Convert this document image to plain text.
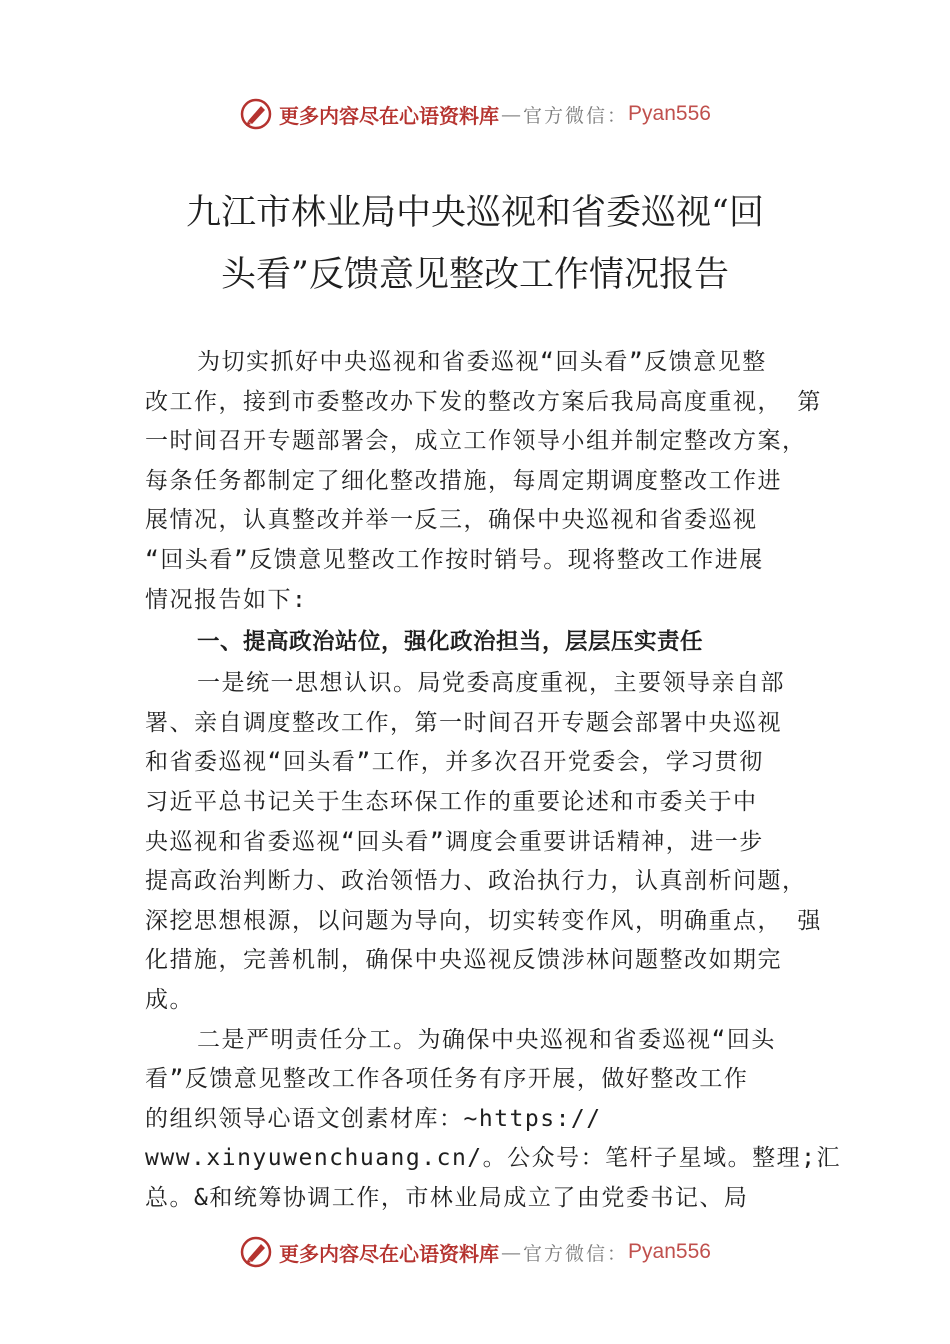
更多内容尽在心语资料库 — 官方微信： Pyan556
九江市林业局中央巡视和省委巡视“回
头看”反馈意见整改工作情况报告
为切实抓好中央巡视和省委巡视“回头看”反馈意见整
改工作，接到市委整改办下发的整改方案后我局高度重视， 第
一时间召开专题部署会，成立工作领导小组并制定整改方案，
每条任务都制定了细化整改措施，每周定期调度整改工作进
展情况，认真整改并举一反三，确保中央巡视和省委巡视
“回头看”反馈意见整改工作按时销号。现将整改工作进展
情况报告如下:
一、提高政治站位，强化政治担当，层层压实责任
一是统一思想认识。局党委高度重视，主要领导亲自部
署、亲自调度整改工作，第一时间召开专题会部署中央巡视
和省委巡视“回头看”工作，并多次召开党委会，学习贯彻
习近平总书记关于生态环保工作的重要论述和市委关于中
央巡视和省委巡视“回头看”调度会重要讲话精神，进一步
提高政治判断力、政治领悟力、政治执行力，认真剖析问题，
深挖思想根源，以问题为导向，切实转变作风，明确重点， 强
化措施，完善机制，确保中央巡视反馈涉林问题整改如期完
成。
二是严明责任分工。为确保中央巡视和省委巡视“回头
看”反馈意见整改工作各项任务有序开展，做好整改工作
的组织领导心语文创素材库：~https://
www.xinyuwenchuang.cn/。公众号：笔杆子星域。整理;汇
总。&和统筹协调工作，市林业局成立了由党委书记、局
更多内容尽在心语资料库 — 官方微信： Pyan556
